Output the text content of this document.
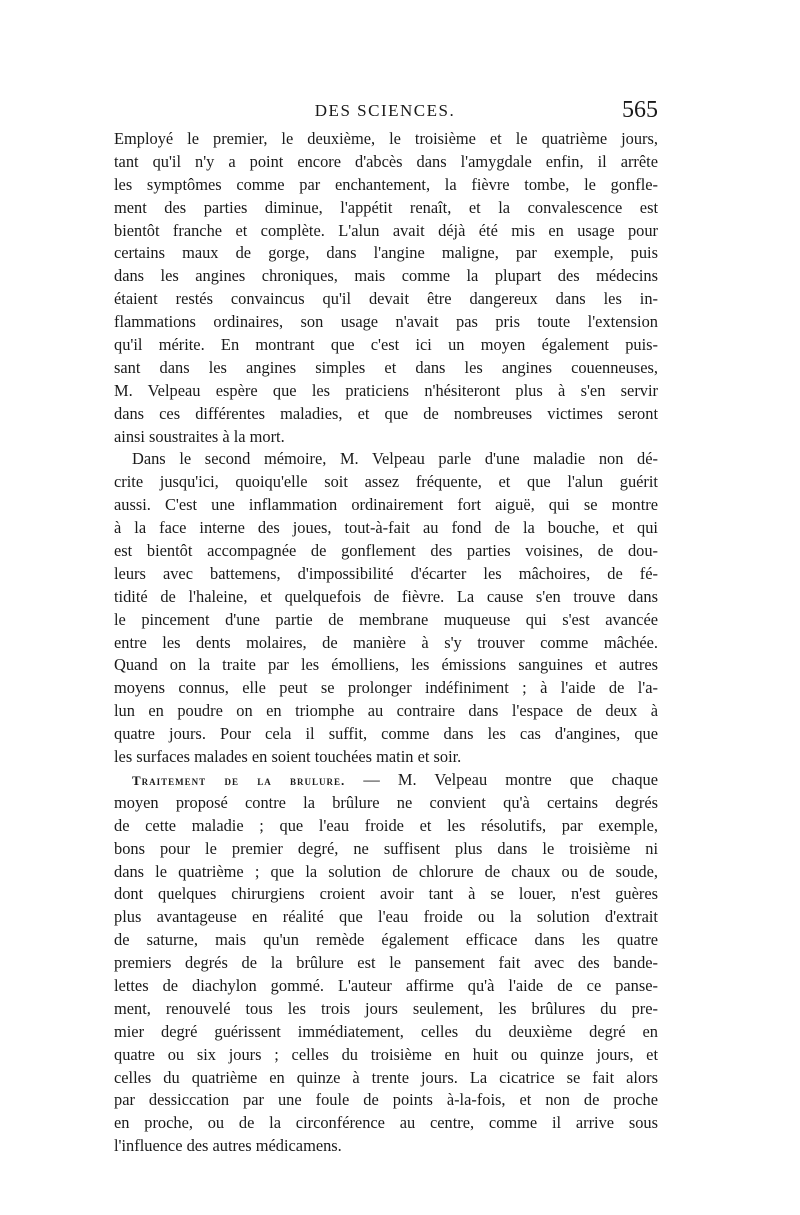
DES SCIENCES.	565
Employé le premier, le deuxième, le troisième et le quatrième jours,
tant qu'il n'y a point encore d'abcès dans l'amygdale enfin, il arrête
les symptômes comme par enchantement, la fièvre tombe, le gonfle-
ment des parties diminue, l'appétit renaît, et la convalescence est
bientôt franche et complète. L'alun avait déjà été mis en usage pour
certains maux de gorge, dans l'angine maligne, par exemple, puis
dans les angines chroniques, mais comme la plupart des médecins
étaient restés convaincus qu'il devait être dangereux dans les in-
flammations ordinaires, son usage n'avait pas pris toute l'extension
qu'il mérite. En montrant que c'est ici un moyen également puis-
sant dans les angines simples et dans les angines couenneuses,
M. Velpeau espère que les praticiens n'hésiteront plus à s'en servir
dans ces différentes maladies, et que de nombreuses victimes seront
ainsi soustraites à la mort.
Dans le second mémoire, M. Velpeau parle d'une maladie non dé-
crite jusqu'ici, quoiqu'elle soit assez fréquente, et que l'alun guérit
aussi. C'est une inflammation ordinairement fort aiguë, qui se montre
à la face interne des joues, tout-à-fait au fond de la bouche, et qui
est bientôt accompagnée de gonflement des parties voisines, de dou-
leurs avec battemens, d'impossibilité d'écarter les mâchoires, de fé-
tidité de l'haleine, et quelquefois de fièvre. La cause s'en trouve dans
le pincement d'une partie de membrane muqueuse qui s'est avancée
entre les dents molaires, de manière à s'y trouver comme mâchée.
Quand on la traite par les émolliens, les émissions sanguines et autres
moyens connus, elle peut se prolonger indéfiniment ; à l'aide de l'a-
lun en poudre on en triomphe au contraire dans l'espace de deux à
quatre jours. Pour cela il suffit, comme dans les cas d'angines, que
les surfaces malades en soient touchées matin et soir.
Traitement de la brulure. — M. Velpeau montre que chaque
moyen proposé contre la brûlure ne convient qu'à certains degrés
de cette maladie ; que l'eau froide et les résolutifs, par exemple,
bons pour le premier degré, ne suffisent plus dans le troisième ni
dans le quatrième ; que la solution de chlorure de chaux ou de soude,
dont quelques chirurgiens croient avoir tant à se louer, n'est guères
plus avantageuse en réalité que l'eau froide ou la solution d'extrait
de saturne, mais qu'un remède également efficace dans les quatre
premiers degrés de la brûlure est le pansement fait avec des bande-
lettes de diachylon gommé. L'auteur affirme qu'à l'aide de ce panse-
ment, renouvelé tous les trois jours seulement, les brûlures du pre-
mier degré guérissent immédiatement, celles du deuxième degré en
quatre ou six jours ; celles du troisième en huit ou quinze jours, et
celles du quatrième en quinze à trente jours. La cicatrice se fait alors
par dessiccation par une foule de points à-la-fois, et non de proche
en proche, ou de la circonférence au centre, comme il arrive sous
l'influence des autres médicamens.
